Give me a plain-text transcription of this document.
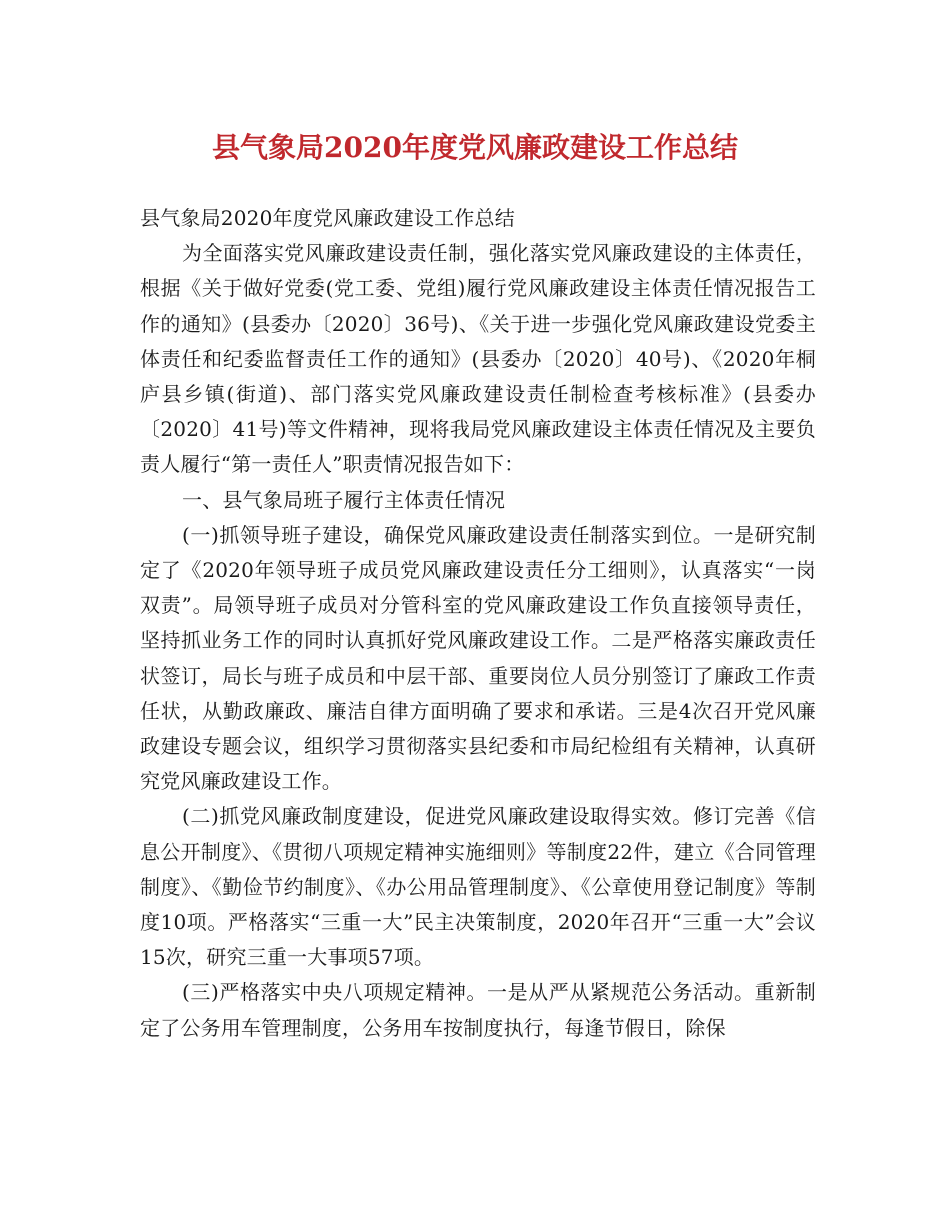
县气象局2020年度党风廉政建设工作总结

县气象局2020年度党风廉政建设工作总结

为全面落实党风廉政建设责任制，强化落实党风廉政建设的主体责任，根据《关于做好党委(党工委、党组)履行党风廉政建设主体责任情况报告工作的通知》(县委办〔2020〕36号)、《关于进一步强化党风廉政建设党委主体责任和纪委监督责任工作的通知》(县委办〔2020〕40号)、《2020年桐庐县乡镇(街道)、部门落实党风廉政建设责任制检查考核标准》(县委办〔2020〕41号)等文件精神，现将我局党风廉政建设主体责任情况及主要负责人履行“第一责任人”职责情况报告如下：

一、县气象局班子履行主体责任情况

(一)抓领导班子建设，确保党风廉政建设责任制落实到位。一是研究制定了《2020年领导班子成员党风廉政建设责任分工细则》，认真落实“一岗双责”。局领导班子成员对分管科室的党风廉政建设工作负直接领导责任，坚持抓业务工作的同时认真抓好党风廉政建设工作。二是严格落实廉政责任状签订，局长与班子成员和中层干部、重要岗位人员分别签订了廉政工作责任状，从勤政廉政、廉洁自律方面明确了要求和承诺。三是4次召开党风廉政建设专题会议，组织学习贯彻落实县纪委和市局纪检组有关精神，认真研究党风廉政建设工作。

(二)抓党风廉政制度建设，促进党风廉政建设取得实效。修订完善《信息公开制度》、《贯彻八项规定精神实施细则》等制度22件，建立《合同管理制度》、《勤俭节约制度》、《办公用品管理制度》、《公章使用登记制度》等制度10项。严格落实“三重一大”民主决策制度，2020年召开“三重一大”会议15次，研究三重一大事项57项。

(三)严格落实中央八项规定精神。一是从严从紧规范公务活动。重新制定了公务用车管理制度，公务用车按制度执行，每逢节假日，除保
